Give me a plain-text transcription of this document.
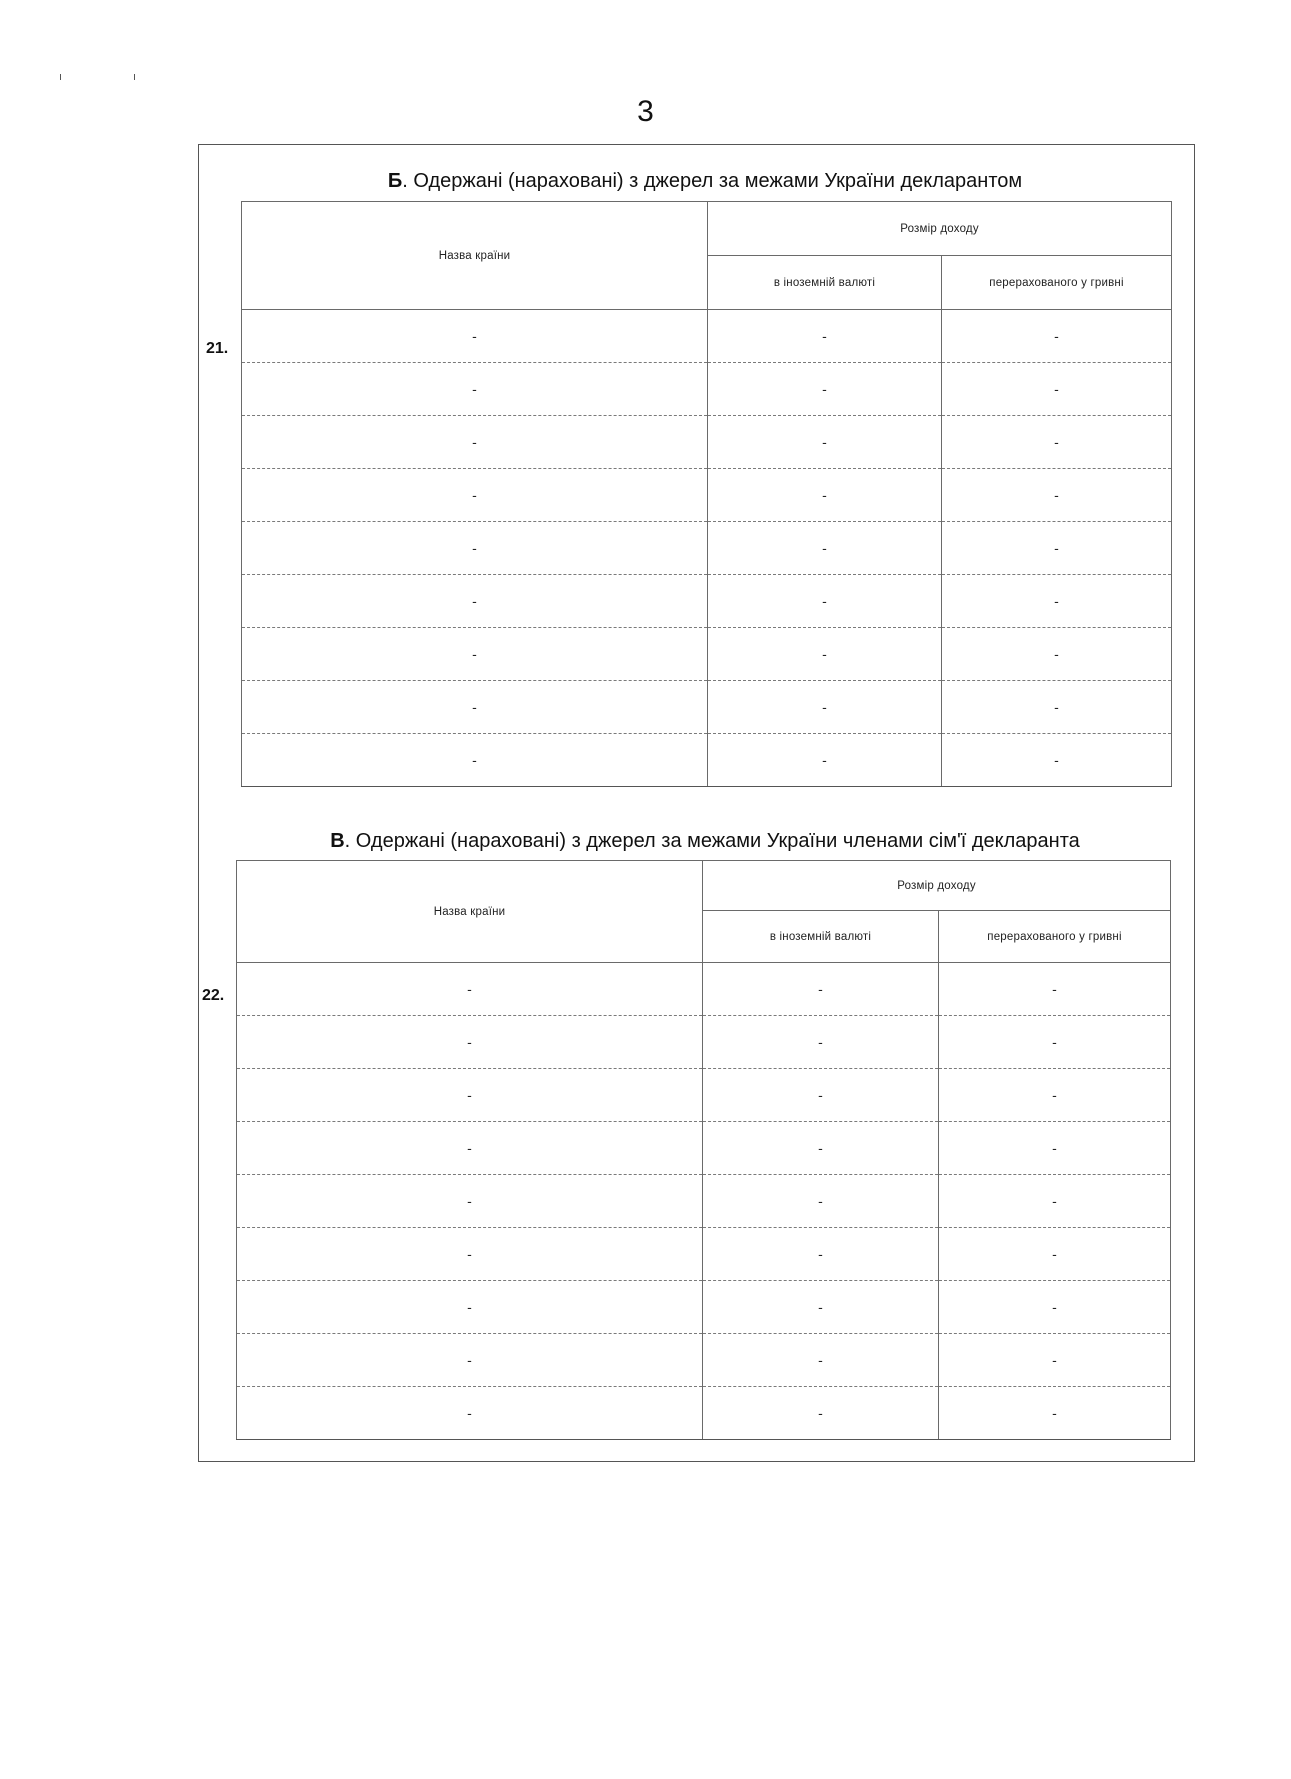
3
Б. Одержані (нараховані) з джерел за межами України декларантом
21.
Назва країни	Розмір доходу	
	в іноземній валюті	перерахованого у гривні
-	-	-
-	-	-
-	-	-
-	-	-
-	-	-
-	-	-
-	-	-
-	-	-
-	-	-
В. Одержані (нараховані) з джерел за межами України членами сім'ї декларанта
22.
Назва країни	Розмір доходу	
	в іноземній валюті	перерахованого у гривні
-	-	-
-	-	-
-	-	-
-	-	-
-	-	-
-	-	-
-	-	-
-	-	-
-	-	-
